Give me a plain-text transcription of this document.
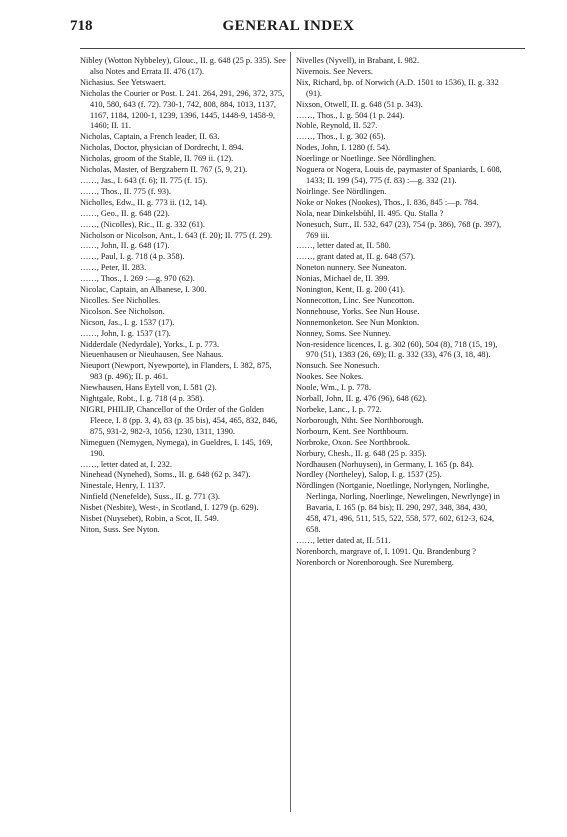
718	GENERAL INDEX

Nibley (Wotton Nybbeley), Glouc., II. g. 648 (25 p. 335). See also Notes and Errata II. 476 (17).

Nichasius. See Yetswaert.

Nicholas the Courier or Post. I. 241. 264, 291, 296, 372, 375, 410, 580, 643 (f. 72). 730-1, 742, 808, 884, 1013, 1137, 1167, 1184, 1200-1, 1239, 1396, 1445, 1448-9, 1458-9, 1460; II. 11.

Nicholas, Captain, a French leader, II. 63.

Nicholas, Doctor, physician of Dordrecht, I. 894.

Nicholas, groom of the Stable, II. 769 ii. (12).

Nicholas, Master, of Bergzabern II. 767 (5, 9, 21).

……, Jas., I. 643 (f. 6); II. 775 (f. 15).

……, Thos., II. 775 (f. 93).

Nicholles, Edw., II. g. 773 ii. (12, 14).

……, Geo., II. g. 648 (22).

……, (Nicolles), Ric., II. g. 332 (61).

Nicholson or Nicolson, Ant., I. 643 (f. 20); II. 775 (f. 29).

……, John, II. g. 648 (17).

……, Paul, I. g. 718 (4 p. 358).

……, Peter, II. 283.

……, Thos., I. 269 :—g. 970 (62).

Nicolac, Captain, an Albanese, I. 300.

Nicolles. See Nicholles.

Nicolson. See Nicholson.

Nicson, Jas., I. g. 1537 (17).

……, John, I. g. 1537 (17).

Nidderdale (Nedyrdale), Yorks., I. p. 773.

Nieuenhausen or Nieuhausen. See Nahaus.

Nieuport (Newport, Nyewporte), in Flanders, I. 382, 875, 983 (p. 496); II. p. 461.

Niewhausen, Hans Eytell von, I. 581 (2).

Nightgale, Robt., I. g. 718 (4 p. 358).

NIGRI, PHILIP, Chancellor of the Order of the Golden Fleece, I. 8 (pp. 3, 4), 83 (p. 35 bis), 454, 465, 832, 846, 875, 931-2, 982-3, 1056, 1230, 1311, 1390.

Nimeguen (Nemygen, Nymega), in Gueldres, I. 145, 169, 190.

……, letter dated at, I. 232.

Ninehead (Nynehed), Soms., II. g. 648 (62 p. 347).

Ninestale, Henry, I. 1137.

Ninfield (Nenefelde), Suss., II. g. 771 (3).

Nisbet (Nesbite), West-, in Scotland, I. 1279 (p. 629).

Nisbet (Nuysebet), Robin, a Scot, II. 549.

Niton, Suss. See Nyton.

Nivelles (Nyvell), in Brabant, I. 982.

Nivernois. See Nevers.

Nix, Richard, bp. of Norwich (A.D. 1501 to 1536), II. g. 332 (91).

Nixson, Otwell, II. g. 648 (51 p. 343).

……, Thos., I. g. 504 (1 p. 244).

Noble, Reynold, II. 527.

……, Thos., I. g. 302 (65).

Nodes, John, I. 1280 (f. 54).

Noerlinge or Noetlinge. See Nördlinghen.

Noguera or Nogera, Louis de, paymaster of Spaniards, I. 608, 1433; II. 199 (54), 775 (f. 83) :—g. 332 (21).

Noirlinge. See Nördlingen.

Noke or Nokes (Nookes), Thos., I. 836, 845 :—p. 784.

Nola, near Dinkelsbühl, II. 495. Qu. Stalla ?

Nonesuch, Surr., II. 532, 647 (23), 754 (p. 386), 768 (p. 397), 769 iii.

……, letter dated at, II. 580.

……, grant dated at, II. g. 648 (57).

Noneton nunnery. See Nuneaton.

Nonias, Michael de, II. 399.

Nonington, Kent, II. g. 200 (41).

Nonnecotton, Linc. See Nuncotton.

Nonnehouse, Yorks. See Nun House.

Nonnemonketon. See Nun Monkton.

Nonney, Soms. See Nunney.

Non-residence licences, I. g. 302 (60), 504 (8), 718 (15, 19), 970 (51), 1383 (26, 69); II. g. 332 (33), 476 (3, 18, 48).

Nonsuch. See Nonesuch.

Nookes. See Nokes.

Noole, Wm., I. p. 778.

Norball, John, II. g. 476 (96), 648 (62).

Norbeke, Lanc., I. p. 772.

Norborough, Ntht. See Northborough.

Norbourn, Kent. See Northbourn.

Norbroke, Oxon. See Northbrook.

Norbury, Chesh., II. g. 648 (25 p. 335).

Nordhausen (Norhuysen), in Germany, I. 165 (p. 84).

Nordley (Northeley), Salop, I. g. 1537 (25).

Nördlingen (Nortganie, Noetlinge, Norlyngen, Norlinghe, Nerlinga, Norling, Noerlinge, Newelingen, Newrlynge) in Bavaria, I. 165 (p. 84 bis); II. 290, 297, 348, 384, 430, 458, 471, 496, 511, 515, 522, 558, 577, 602, 612-3, 624, 658.

……, letter dated at, II. 511.

Norenborch, margrave of, I. 1091. Qu. Brandenburg ?

Norenborch or Norenborough. See Nuremberg.
